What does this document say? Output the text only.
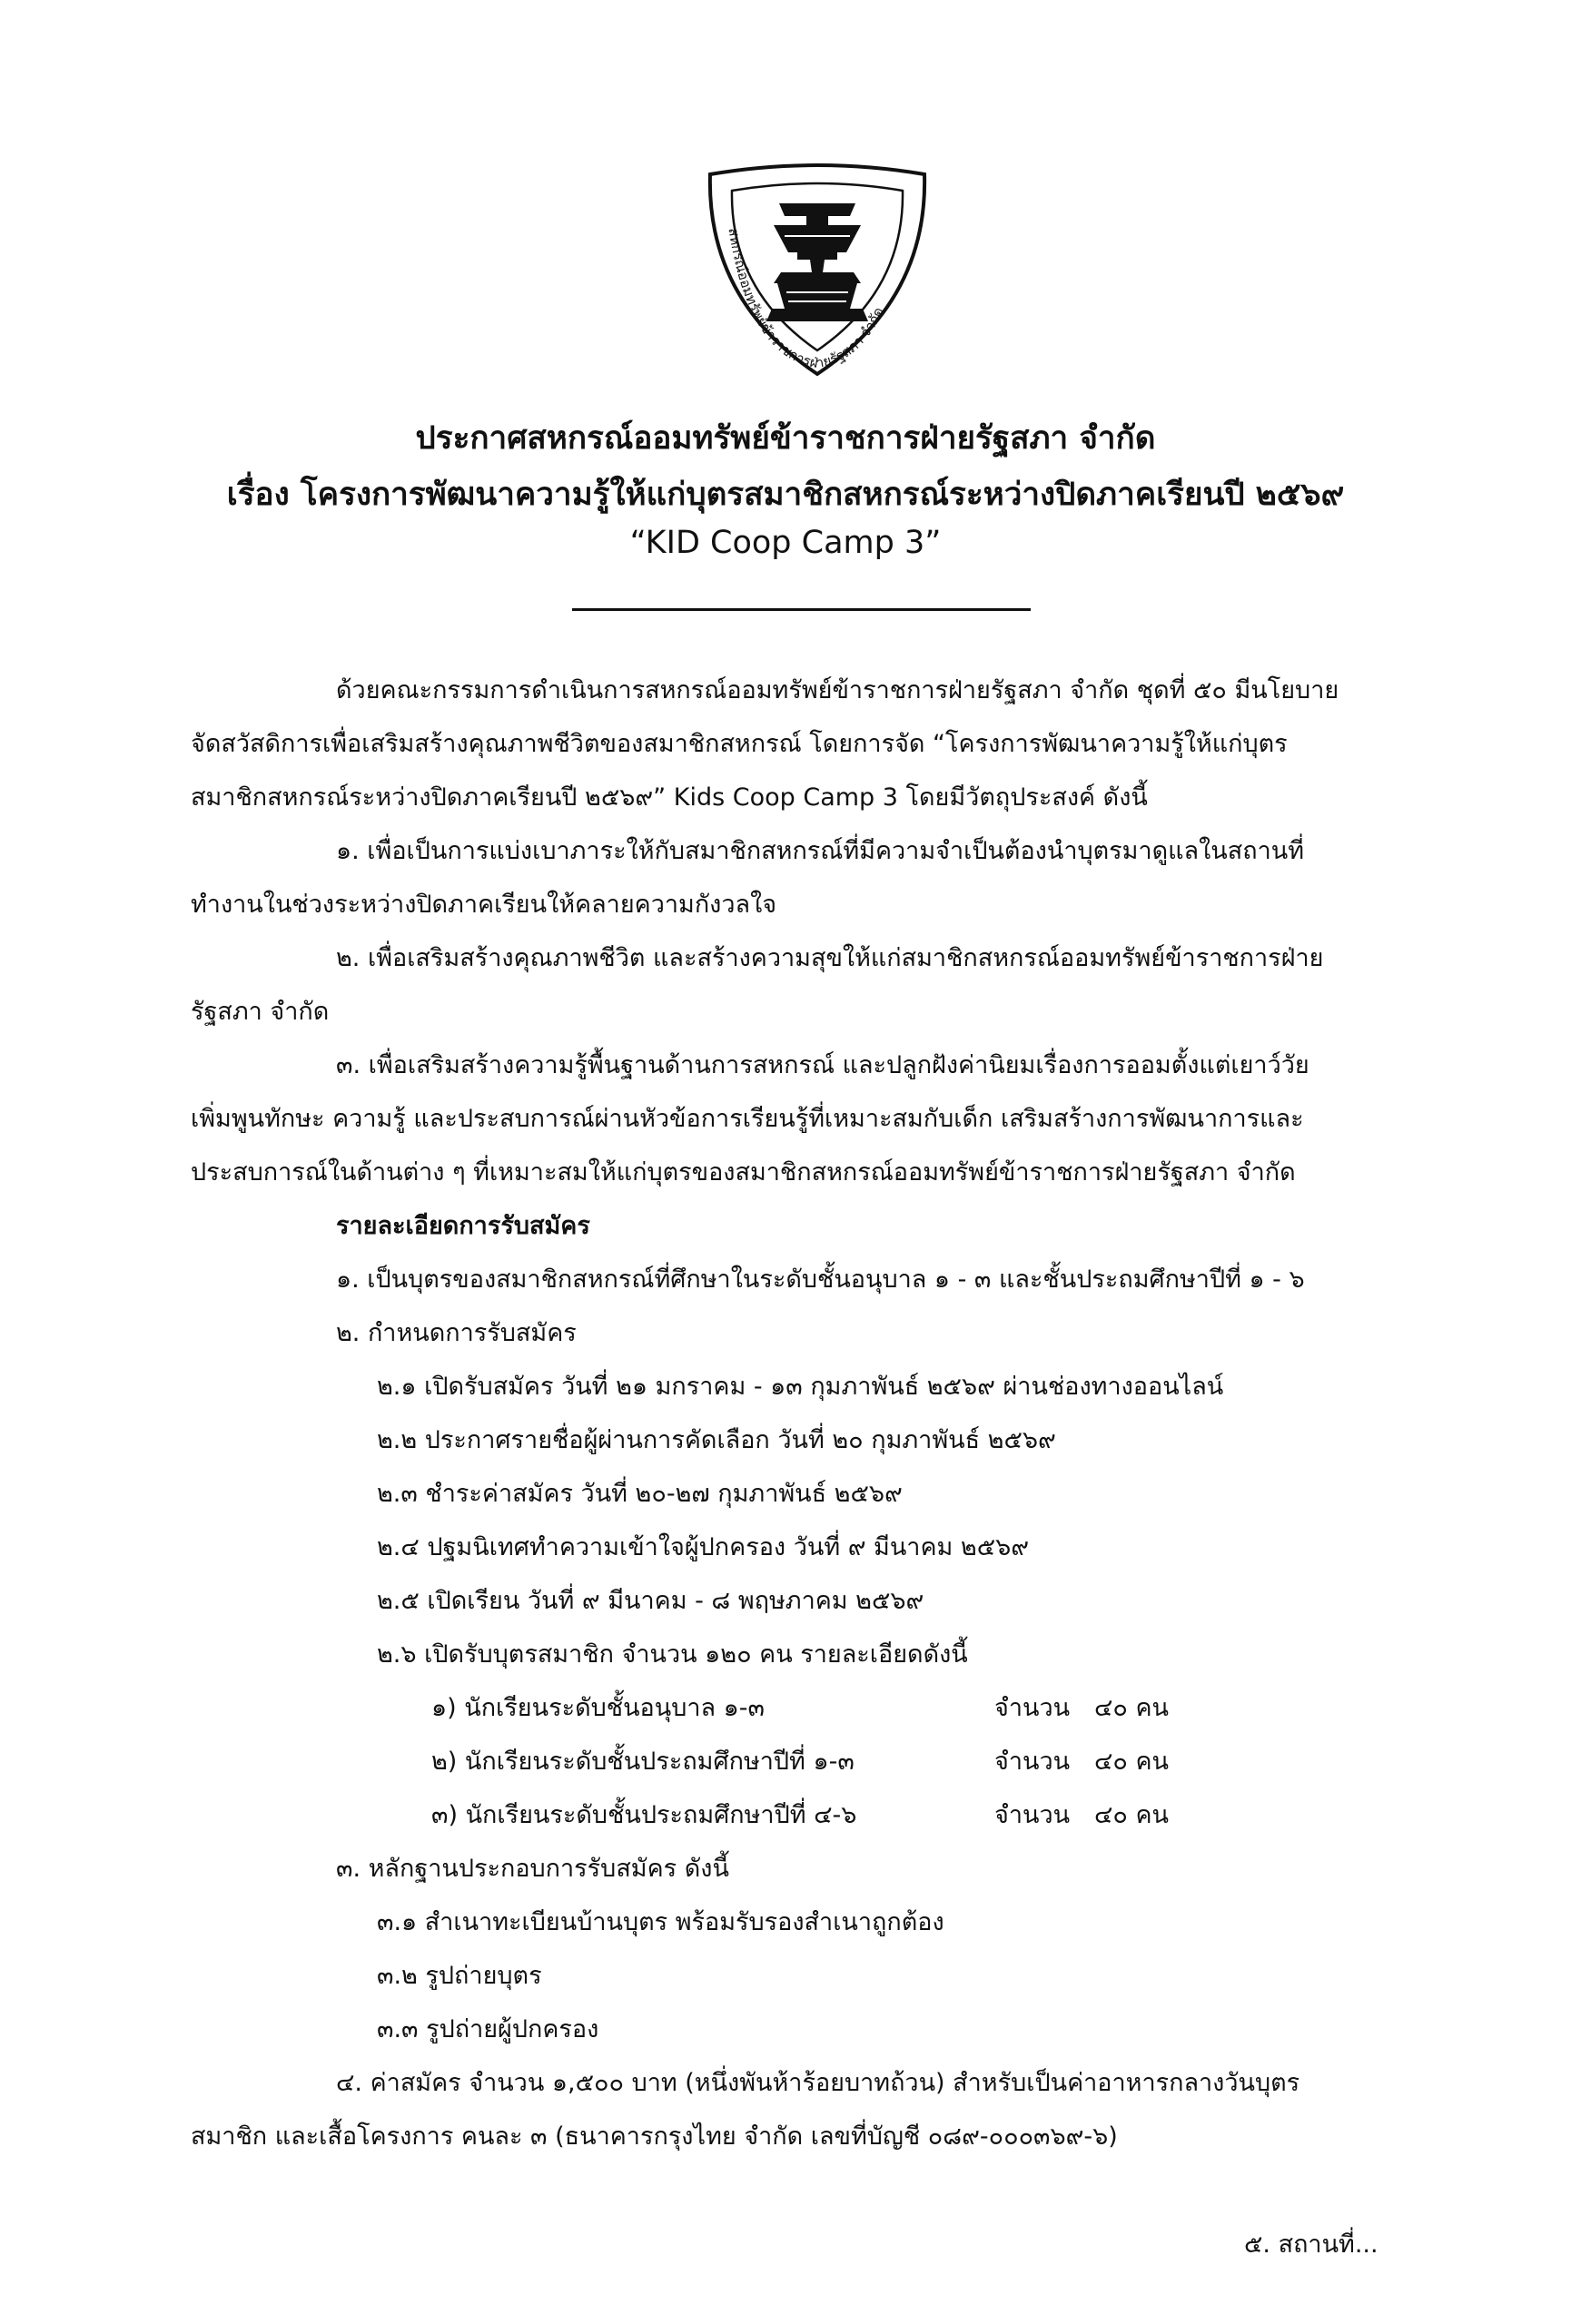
สหกรณ์ออมทรัพย์ข้าราชการฝ่ายรัฐสภา จำกัด
ประกาศสหกรณ์ออมทรัพย์ข้าราชการฝ่ายรัฐสภา จำกัด
เรื่อง โครงการพัฒนาความรู้ให้แก่บุตรสมาชิกสหกรณ์ระหว่างปิดภาคเรียนปี ๒๕๖๙
“KID Coop Camp 3”
ด้วยคณะกรรมการดำเนินการสหกรณ์ออมทรัพย์ข้าราชการฝ่ายรัฐสภา จำกัด ชุดที่ ๕๐ มีนโยบาย
จัดสวัสดิการเพื่อเสริมสร้างคุณภาพชีวิตของสมาชิกสหกรณ์ โดยการจัด “โครงการพัฒนาความรู้ให้แก่บุตร
สมาชิกสหกรณ์ระหว่างปิดภาคเรียนปี ๒๕๖๙” Kids Coop Camp 3 โดยมีวัตถุประสงค์ ดังนี้
๑. เพื่อเป็นการแบ่งเบาภาระให้กับสมาชิกสหกรณ์ที่มีความจำเป็นต้องนำบุตรมาดูแลในสถานที่
ทำงานในช่วงระหว่างปิดภาคเรียนให้คลายความกังวลใจ
๒. เพื่อเสริมสร้างคุณภาพชีวิต และสร้างความสุขให้แก่สมาชิกสหกรณ์ออมทรัพย์ข้าราชการฝ่าย
รัฐสภา จำกัด
๓. เพื่อเสริมสร้างความรู้พื้นฐานด้านการสหกรณ์ และปลูกฝังค่านิยมเรื่องการออมตั้งแต่เยาว์วัย
เพิ่มพูนทักษะ ความรู้ และประสบการณ์ผ่านหัวข้อการเรียนรู้ที่เหมาะสมกับเด็ก เสริมสร้างการพัฒนาการและ
ประสบการณ์ในด้านต่าง ๆ ที่เหมาะสมให้แก่บุตรของสมาชิกสหกรณ์ออมทรัพย์ข้าราชการฝ่ายรัฐสภา จำกัด
รายละเอียดการรับสมัคร
๑. เป็นบุตรของสมาชิกสหกรณ์ที่ศึกษาในระดับชั้นอนุบาล ๑ - ๓ และชั้นประถมศึกษาปีที่ ๑ - ๖
๒. กำหนดการรับสมัคร
๒.๑ เปิดรับสมัคร วันที่ ๒๑ มกราคม - ๑๓ กุมภาพันธ์ ๒๕๖๙ ผ่านช่องทางออนไลน์
๒.๒ ประกาศรายชื่อผู้ผ่านการคัดเลือก วันที่ ๒๐ กุมภาพันธ์ ๒๕๖๙
๒.๓ ชำระค่าสมัคร วันที่ ๒๐-๒๗ กุมภาพันธ์ ๒๕๖๙
๒.๔ ปฐมนิเทศทำความเข้าใจผู้ปกครอง วันที่ ๙ มีนาคม ๒๕๖๙
๒.๕ เปิดเรียน วันที่ ๙ มีนาคม - ๘ พฤษภาคม ๒๕๖๙
๒.๖ เปิดรับบุตรสมาชิก จำนวน ๑๒๐ คน รายละเอียดดังนี้
๑) นักเรียนระดับชั้นอนุบาล ๑-๓	จำนวน ๔๐ คน
๒) นักเรียนระดับชั้นประถมศึกษาปีที่ ๑-๓	จำนวน ๔๐ คน
๓) นักเรียนระดับชั้นประถมศึกษาปีที่ ๔-๖	จำนวน ๔๐ คน
๓. หลักฐานประกอบการรับสมัคร ดังนี้
๓.๑ สำเนาทะเบียนบ้านบุตร พร้อมรับรองสำเนาถูกต้อง
๓.๒ รูปถ่ายบุตร
๓.๓ รูปถ่ายผู้ปกครอง
๔. ค่าสมัคร จำนวน ๑,๕๐๐ บาท (หนึ่งพันห้าร้อยบาทถ้วน) สำหรับเป็นค่าอาหารกลางวันบุตร
สมาชิก และเสื้อโครงการ คนละ ๓ (ธนาคารกรุงไทย จำกัด เลขที่บัญชี ๐๘๙-๐๐๐๓๖๙-๖)
๕. สถานที่...
